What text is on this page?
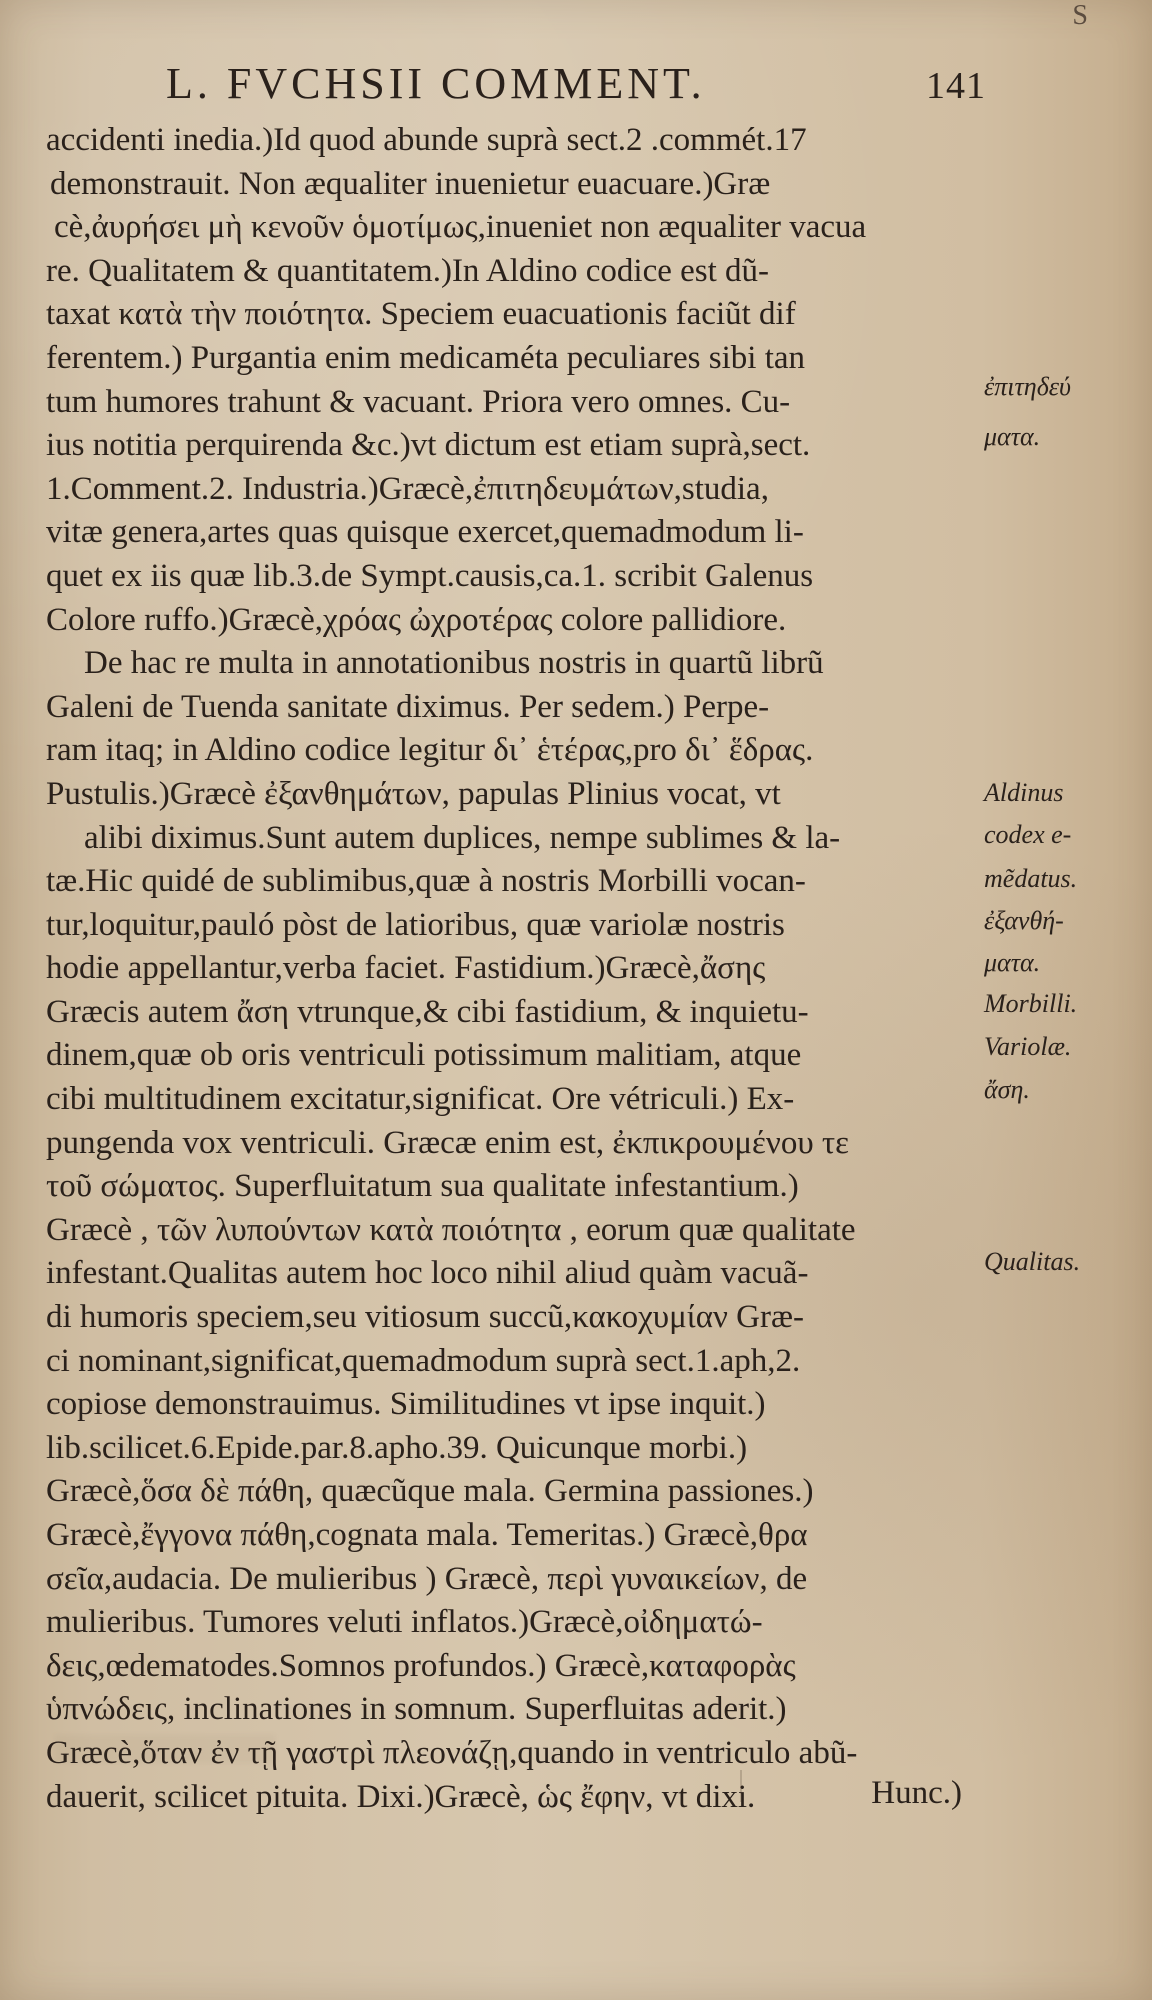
S
L. FVCHSII COMMENT.	141
accidenti inedia.)Id quod abunde suprà sect.2 .commét.17
demonstrauit. Non æqualiter inuenietur euacuare.)Græ
cè,ἀυρήσει μὴ κενοῦν ὁμοτίμως,inueniet non æqualiter vacua
re. Qualitatem & quantitatem.)In Aldino codice est dũ-
taxat κατὰ τὴν ποιότητα. Speciem euacuationis faciũt dif
ferentem.) Purgantia enim medicaméta peculiares sibi tan
tum humores trahunt & vacuant. Priora vero omnes. Cu-
ius notitia perquirenda &c.)vt dictum est etiam suprà,sect.
1.Comment.2. Industria.)Græcè,ἐπιτηδευμάτων,studia,
vitæ genera,artes quas quisque exercet,quemadmodum li-
quet ex iis quæ lib.3.de Sympt.causis,ca.1. scribit Galenus
Colore ruffo.)Græcè,χρόας ὠχροτέρας colore pallidiore.
De hac re multa in annotationibus nostris in quartũ librũ
Galeni de Tuenda sanitate diximus. Per sedem.) Perpe-
ram itaq; in Aldino codice legitur δι᾽ ἑτέρας,pro δι᾽ ἕδρας.
Pustulis.)Græcè ἐξανθημάτων, papulas Plinius vocat, vt
alibi diximus.Sunt autem duplices, nempe sublimes & la-
tæ.Hic quidé de sublimibus,quæ à nostris Morbilli vocan-
tur,loquitur,pauló pòst de latioribus, quæ variolæ nostris
hodie appellantur,verba faciet. Fastidium.)Græcè,ἄσης
Græcis autem ἄση vtrunque,& cibi fastidium, & inquietu-
dinem,quæ ob oris ventriculi potissimum malitiam, atque
cibi multitudinem excitatur,significat. Ore vétriculi.) Ex-
pungenda vox ventriculi. Græcæ enim est, ἐκπικρουμένου τε
τοῦ σώματος. Superfluitatum sua qualitate infestantium.)
Græcè , τῶν λυπούντων κατὰ ποιότητα , eorum quæ qualitate
infestant.Qualitas autem hoc loco nihil aliud quàm vacuã-
di humoris speciem,seu vitiosum succũ,κακοχυμίαν Græ-
ci nominant,significat,quemadmodum suprà sect.1.aph,2.
copiose demonstrauimus. Similitudines vt ipse inquit.)
lib.scilicet.6.Epide.par.8.apho.39. Quicunque morbi.)
Græcè,ὅσα δὲ πάθη, quæcũque mala. Germina passiones.)
Græcè,ἔγγονα πάθη,cognata mala. Temeritas.) Græcè,θρα
σεῖα,audacia. De mulieribus ) Græcè, περὶ γυναικείων, de
mulieribus. Tumores veluti inflatos.)Græcè,οἰδηματώ-
δεις,œdematodes.Somnos profundos.) Græcè,καταφορὰς
ὑπνώδεις, inclinationes in somnum. Superfluitas aderit.)
Græcè,ὅταν ἐν τῇ γαστρὶ πλεονάζῃ,quando in ventriculo abũ-
dauerit, scilicet pituita. Dixi.)Græcè, ὡς ἔφην, vt dixi.	Hunc.)
ἐπιτηδεύ
ματα.
Aldinus
codex e-
mẽdatus.
ἐξανθή-
ματα.
Morbilli.
Variolæ.
ἄση.
Qualitas.
